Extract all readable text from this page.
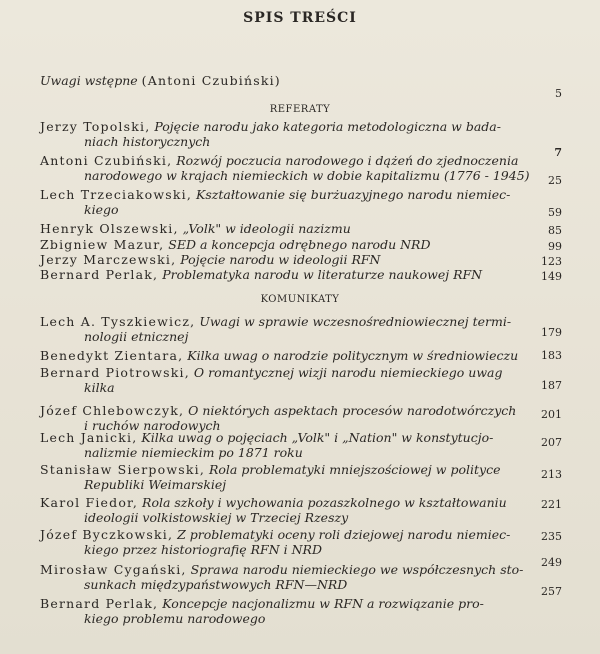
SPIS TREŚCI
Uwagi wstępne (Antoni Czubiński)
5
REFERATY
Jerzy Topolski, Pojęcie narodu jako kategoria metodologiczna w bada-
niach historycznych
7
Antoni Czubiński, Rozwój poczucia narodowego i dążeń do zjednoczenia
narodowego w krajach niemieckich w dobie kapitalizmu (1776 - 1945)	25
Lech Trzeciakowski, Kształtowanie się burżuazyjnego narodu niemiec-
kiego	59
Henryk Olszewski, „Volk" w ideologii nazizmu	85
Zbigniew Mazur, SED a koncepcja odrębnego narodu NRD	99
Jerzy Marczewski, Pojęcie narodu w ideologii RFN	123
Bernard Perlak, Problematyka narodu w literaturze naukowej RFN	149
KOMUNIKATY
Lech A. Tyszkiewicz, Uwagi w sprawie wczesnośredniowiecznej termi-
nologii etnicznej	179
Benedykt Zientara, Kilka uwag o narodzie politycznym w średniowieczu	183
Bernard Piotrowski, O romantycznej wizji narodu niemieckiego uwag
kilka	187
Józef Chlebowczyk, O niektórych aspektach procesów narodotwórczych
i ruchów narodowych
201
Lech Janicki, Kilka uwag o pojęciach „Volk" i „Nation" w konstytucjo-
nalizmie niemieckim po 1871 roku
207
Stanisław Sierpowski, Rola problematyki mniejszościowej w polityce
Republiki Weimarskiej
213
Karol Fiedor, Rola szkoły i wychowania pozaszkolnego w kształtowaniu
ideologii volkistowskiej w Trzeciej Rzeszy
221
Józef Byczkowski, Z problematyki oceny roli dziejowej narodu niemiec-
kiego przez historiografię RFN i NRD
235
Mirosław Cygański, Sprawa narodu niemieckiego we współczesnych sto-
sunkach międzypaństwowych RFN—NRD
249
Bernard Perlak, Koncepcje nacjonalizmu w RFN a rozwiązanie pro-
kiego problemu narodowego
257
